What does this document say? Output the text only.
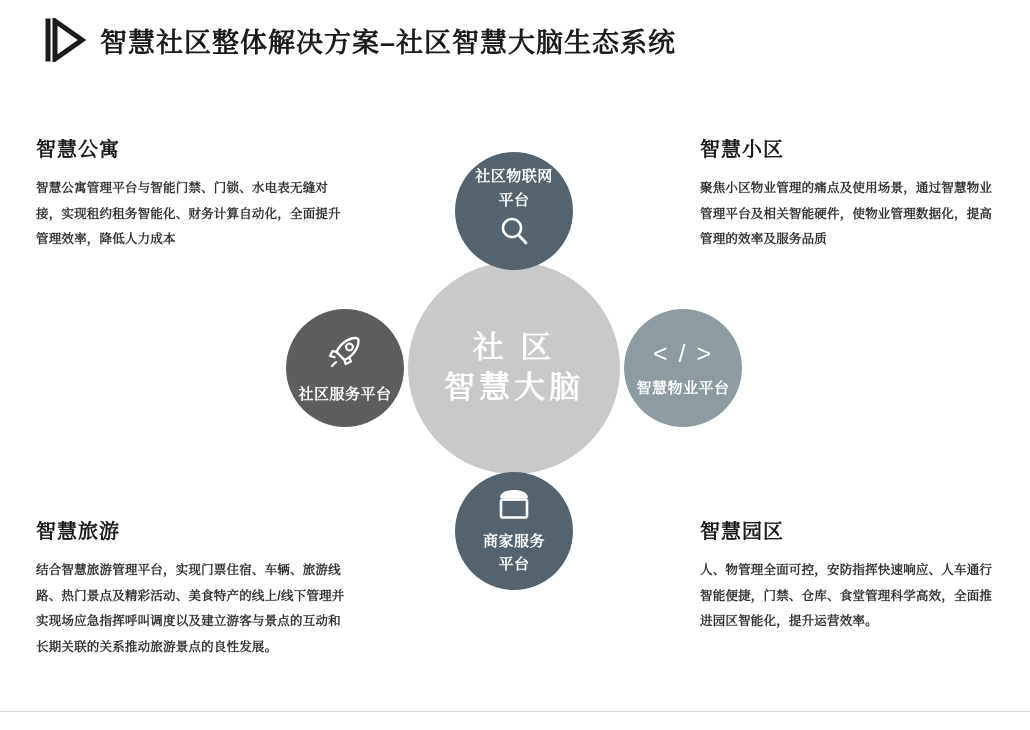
智慧社区整体解决方案–社区智慧大脑生态系统
社 区
智慧大脑
社区物联网
平台
社区服务平台
< / >
智慧物业平台
商家服务
平台
智慧公寓

智慧公寓管理平台与智能门禁、门锁、水电表无缝对接，实现租约租务智能化、财务计算自动化，全面提升管理效率，降低人力成本

智慧小区

聚焦小区物业管理的痛点及使用场景，通过智慧物业管理平台及相关智能硬件，使物业管理数据化，提高管理的效率及服务品质

智慧旅游

结合智慧旅游管理平台，实现门票住宿、车辆、旅游线路、热门景点及精彩活动、美食特产的线上/线下管理并实现场应急指挥呼叫调度以及建立游客与景点的互动和长期关联的关系推动旅游景点的良性发展。

智慧园区

人、物管理全面可控，安防指挥快速响应、人车通行智能便捷，门禁、仓库、食堂管理科学高效，全面推进园区智能化，提升运营效率。
